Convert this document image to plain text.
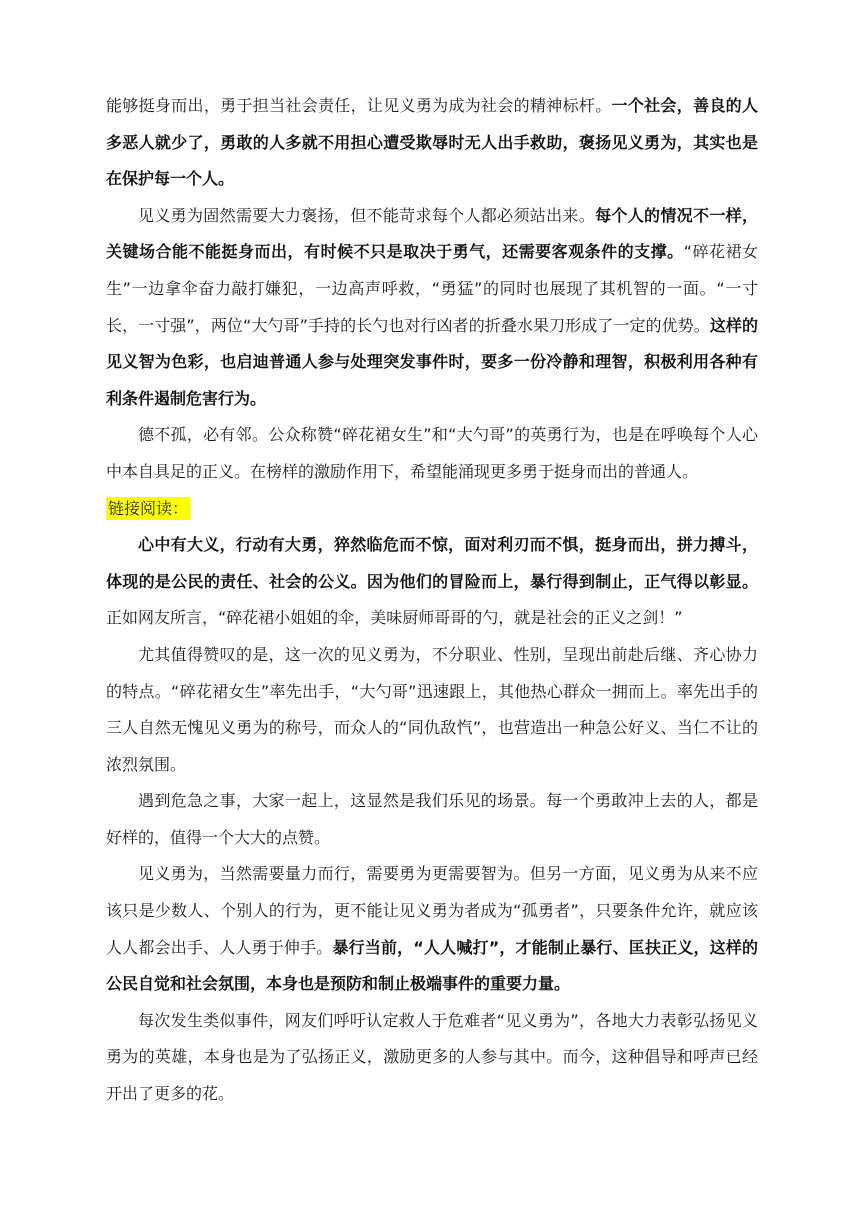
能够挺身而出，勇于担当社会责任，让见义勇为成为社会的精神标杆。一个社会，善良的人多恶人就少了，勇敢的人多就不用担心遭受欺辱时无人出手救助，褒扬见义勇为，其实也是在保护每一个人。

见义勇为固然需要大力褒扬，但不能苛求每个人都必须站出来。每个人的情况不一样，关键场合能不能挺身而出，有时候不只是取决于勇气，还需要客观条件的支撑。“碎花裙女生”一边拿伞奋力敲打嫌犯，一边高声呼救，“勇猛”的同时也展现了其机智的一面。“一寸长，一寸强”，两位“大勺哥”手持的长勺也对行凶者的折叠水果刀形成了一定的优势。这样的见义智为色彩，也启迪普通人参与处理突发事件时，要多一份冷静和理智，积极利用各种有利条件遏制危害行为。

德不孤，必有邻。公众称赞“碎花裙女生”和“大勺哥”的英勇行为，也是在呼唤每个人心中本自具足的正义。在榜样的激励作用下，希望能涌现更多勇于挺身而出的普通人。

链接阅读：

心中有大义，行动有大勇，猝然临危而不惊，面对利刃而不惧，挺身而出，拼力搏斗，体现的是公民的责任、社会的公义。因为他们的冒险而上，暴行得到制止，正气得以彰显。正如网友所言，“碎花裙小姐姐的伞，美味厨师哥哥的勺，就是社会的正义之剑！”

尤其值得赞叹的是，这一次的见义勇为，不分职业、性别，呈现出前赴后继、齐心协力的特点。“碎花裙女生”率先出手，“大勺哥”迅速跟上，其他热心群众一拥而上。率先出手的三人自然无愧见义勇为的称号，而众人的“同仇敌忾”，也营造出一种急公好义、当仁不让的浓烈氛围。

遇到危急之事，大家一起上，这显然是我们乐见的场景。每一个勇敢冲上去的人，都是好样的，值得一个大大的点赞。

见义勇为，当然需要量力而行，需要勇为更需要智为。但另一方面，见义勇为从来不应该只是少数人、个别人的行为，更不能让见义勇为者成为“孤勇者”，只要条件允许，就应该人人都会出手、人人勇于伸手。暴行当前，“人人喊打”，才能制止暴行、匡扶正义，这样的公民自觉和社会氛围，本身也是预防和制止极端事件的重要力量。

每次发生类似事件，网友们呼吁认定救人于危难者“见义勇为”，各地大力表彰弘扬见义勇为的英雄，本身也是为了弘扬正义，激励更多的人参与其中。而今，这种倡导和呼声已经开出了更多的花。
